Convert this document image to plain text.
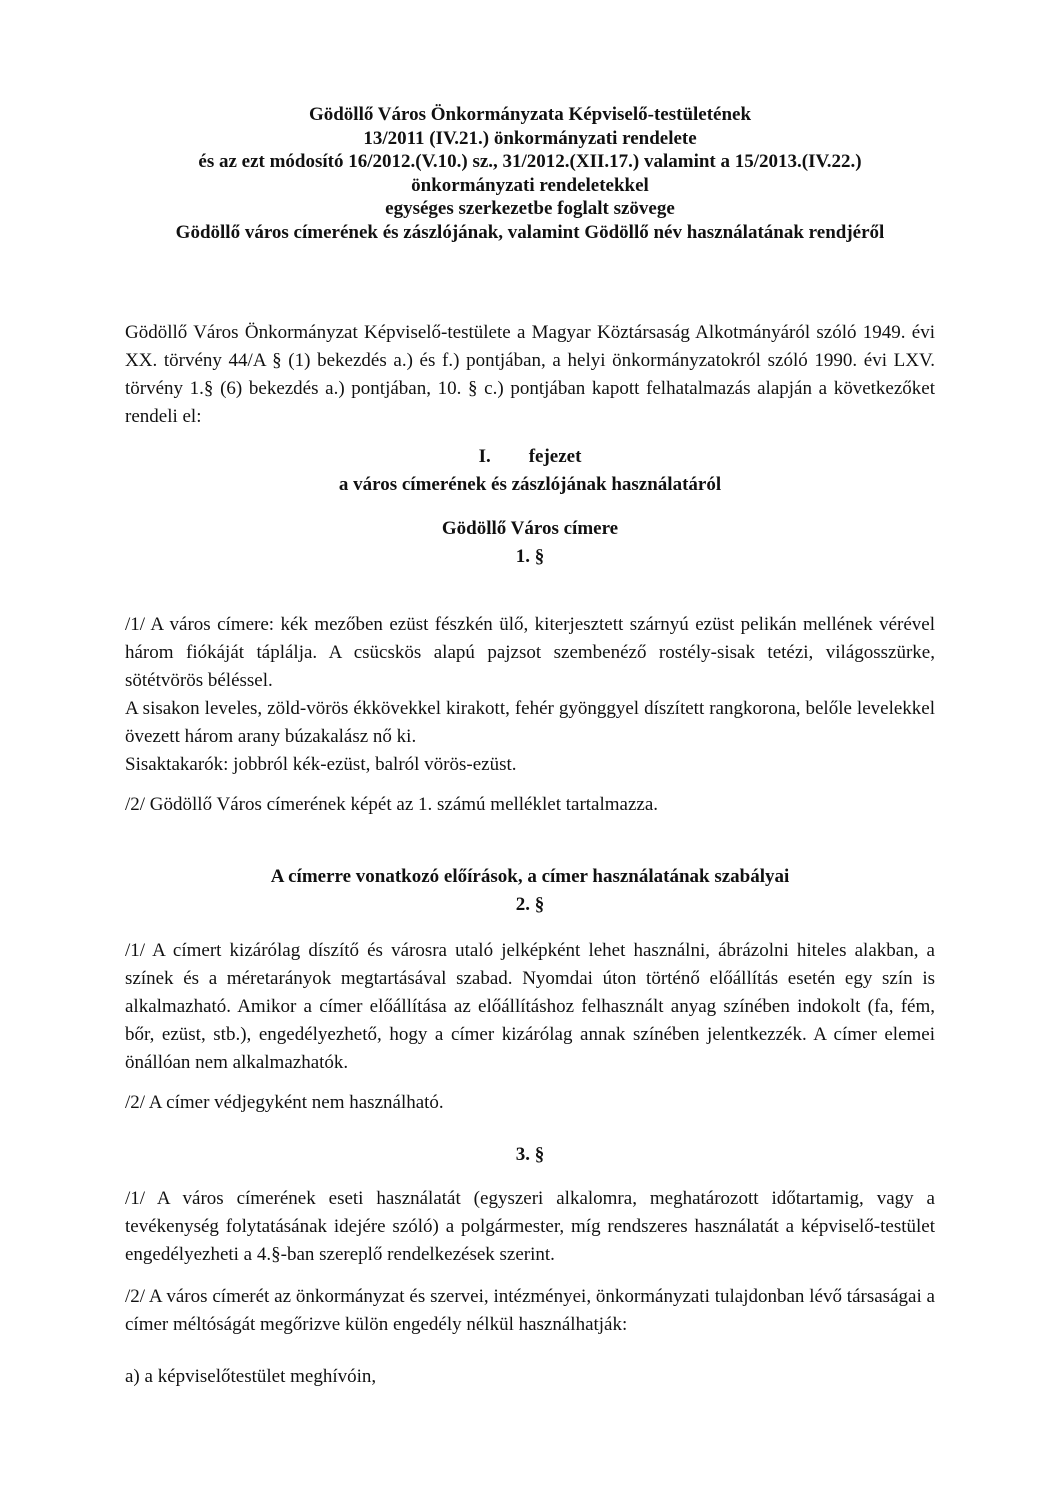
Gödöllő Város Önkormányzata Képviselő-testületének
13/2011 (IV.21.) önkormányzati rendelete
és az ezt módosító 16/2012.(V.10.) sz., 31/2012.(XII.17.) valamint a 15/2013.(IV.22.)
önkormányzati rendeletekkel
egységes szerkezetbe foglalt szövege
Gödöllő város címerének és zászlójának, valamint Gödöllő név használatának rendjéről

Gödöllő Város Önkormányzat Képviselő-testülete a Magyar Köztársaság Alkotmányáról szóló 1949. évi XX. törvény 44/A § (1) bekezdés a.) és f.) pontjában, a helyi önkormányzatokról szóló 1990. évi LXV. törvény 1.§ (6) bekezdés a.) pontjában, 10. § c.) pontjában kapott felhatalmazás alapján a következőket rendeli el:

I.        fejezet
a város címerének és zászlójának használatáról
Gödöllő Város címere
1. §

/1/ A város címere: kék mezőben ezüst fészkén ülő, kiterjesztett szárnyú ezüst pelikán mellének vérével három fiókáját táplálja. A csücskös alapú pajzsot szembenéző rostély-sisak tetézi, világosszürke, sötétvörös béléssel.

A sisakon leveles, zöld-vörös ékkövekkel kirakott, fehér gyönggyel díszített rangkorona, belőle levelekkel övezett három arany búzakalász nő ki.

Sisaktakarók: jobbról kék-ezüst, balról vörös-ezüst.

/2/ Gödöllő Város címerének képét az 1. számú melléklet tartalmazza.

A címerre vonatkozó előírások, a címer használatának szabályai
2. §

/1/ A címert kizárólag díszítő és városra utaló jelképként lehet használni, ábrázolni hiteles alakban, a színek és a méretarányok megtartásával szabad. Nyomdai úton történő előállítás esetén egy szín is alkalmazható. Amikor a címer előállítása az előállításhoz felhasznált anyag színében indokolt (fa, fém, bőr, ezüst, stb.), engedélyezhető, hogy a címer kizárólag annak színében jelentkezzék. A címer elemei önállóan nem alkalmazhatók.

/2/ A címer védjegyként nem használható.

3. §

/1/ A város címerének eseti használatát (egyszeri alkalomra, meghatározott időtartamig, vagy a tevékenység folytatásának idejére szóló) a polgármester, míg rendszeres használatát a képviselő-testület engedélyezheti a 4.§-ban szereplő rendelkezések szerint.

/2/ A város címerét az önkormányzat és szervei, intézményei, önkormányzati tulajdonban lévő társaságai a címer méltóságát megőrizve külön engedély nélkül használhatják:

a) a képviselőtestület meghívóin,
